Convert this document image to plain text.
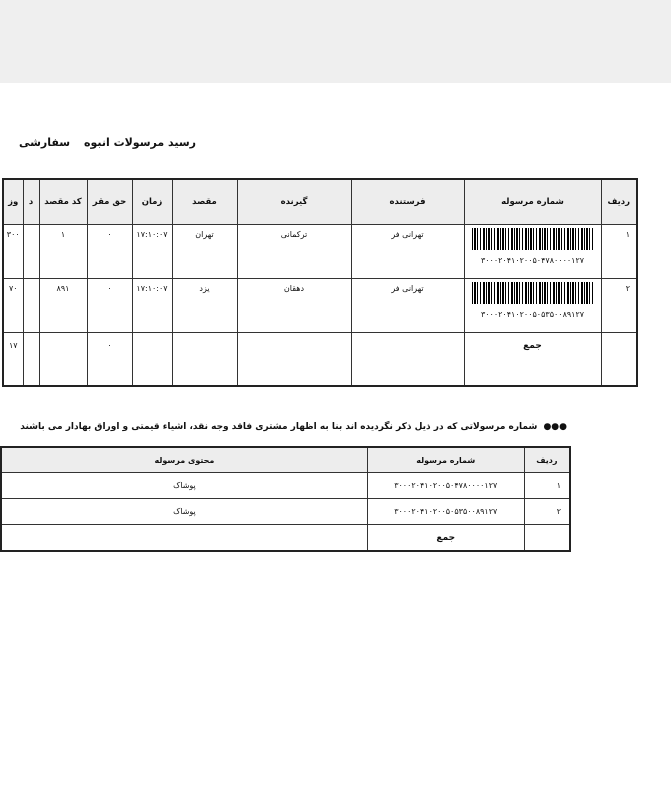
رسید مرسولات انبوه سفارشی
ردیف	شماره مرسوله	فرستنده	گیرنده	مقصد	زمان	حق مقر	کد مقصد	د	وز
۱	۳۰۰۰۲۰۴۱۰۲۰۰۵۰۴۷۸۰۰۰۰۱۲۷	تهرانی فر	ترکمانی	تهران	۱۷:۱۰:۰۷	۰	۱		۳۰۰
۲	۳۰۰۰۲۰۴۱۰۲۰۰۵۰۵۳۵۰۰۸۹۱۲۷	تهرانی فر	دهقان	یزد	۱۷:۱۰:۰۷	۰	۸۹۱		۷۰
	جمع					۰			۱۷
●●● شماره مرسولاتی که در ذیل ذکر نگردیده اند بنا به اظهار مشتری فاقد وجه نقد، اشیاء قیمتی و اوراق بهادار می باشند
ردیف	شماره مرسوله	محتوی مرسوله
۱	۳۰۰۰۲۰۴۱۰۲۰۰۵۰۴۷۸۰۰۰۰۱۲۷	پوشاک
۲	۳۰۰۰۲۰۴۱۰۲۰۰۵۰۵۳۵۰۰۸۹۱۲۷	پوشاک
	جمع	
